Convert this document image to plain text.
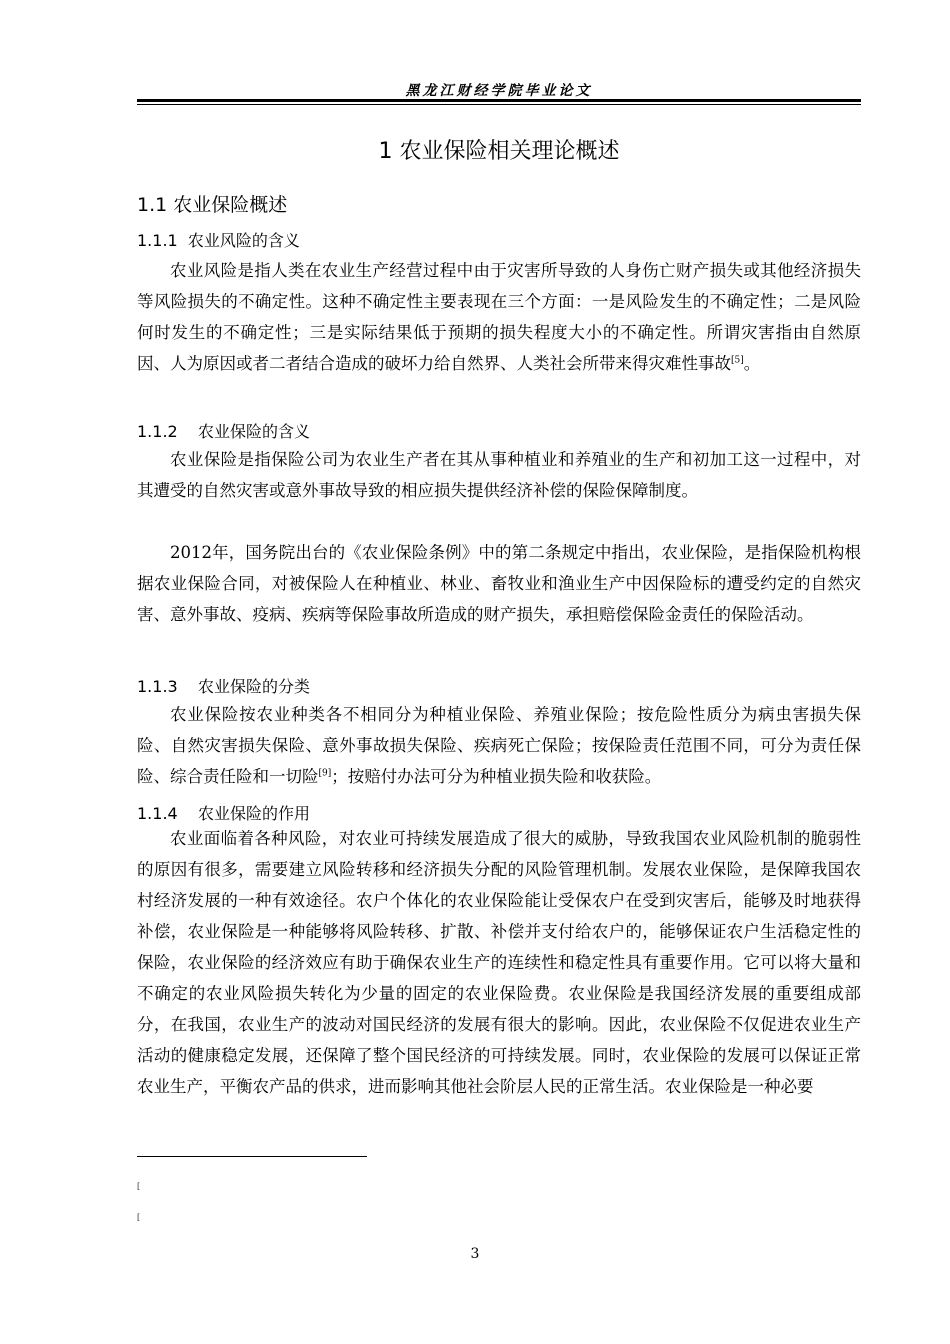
黑龙江财经学院毕业论文
1 农业保险相关理论概述
1.1 农业保险概述
1.1.1  农业风险的含义

农业风险是指人类在农业生产经营过程中由于灾害所导致的人身伤亡财产损失或其他经济损失等风险损失的不确定性。这种不确定性主要表现在三个方面：一是风险发生的不确定性；二是风险何时发生的不确定性；三是实际结果低于预期的损失程度大小的不确定性。所谓灾害指由自然原因、人为原因或者二者结合造成的破坏力给自然界、人类社会所带来得灾难性事故[5]。

1.1.2    农业保险的含义

农业保险是指保险公司为农业生产者在其从事种植业和养殖业的生产和初加工这一过程中，对其遭受的自然灾害或意外事故导致的相应损失提供经济补偿的保险保障制度。

2012年，国务院出台的《农业保险条例》中的第二条规定中指出，农业保险，是指保险机构根据农业保险合同，对被保险人在种植业、林业、畜牧业和渔业生产中因保险标的遭受约定的自然灾害、意外事故、疫病、疾病等保险事故所造成的财产损失，承担赔偿保险金责任的保险活动。

1.1.3    农业保险的分类

农业保险按农业种类各不相同分为种植业保险、养殖业保险；按危险性质分为病虫害损失保险、自然灾害损失保险、意外事故损失保险、疾病死亡保险；按保险责任范围不同，可分为责任保险、综合责任险和一切险[9]；按赔付办法可分为种植业损失险和收获险。

1.1.4    农业保险的作用

农业面临着各种风险，对农业可持续发展造成了很大的威胁，导致我国农业风险机制的脆弱性的原因有很多，需要建立风险转移和经济损失分配的风险管理机制。发展农业保险，是保障我国农村经济发展的一种有效途径。农户个体化的农业保险能让受保农户在受到灾害后，能够及时地获得补偿，农业保险是一种能够将风险转移、扩散、补偿并支付给农户的，能够保证农户生活稳定性的保险，农业保险的经济效应有助于确保农业生产的连续性和稳定性具有重要作用。它可以将大量和不确定的农业风险损失转化为少量的固定的农业保险费。农业保险是我国经济发展的重要组成部分，在我国，农业生产的波动对国民经济的发展有很大的影响。因此，农业保险不仅促进农业生产活动的健康稳定发展，还保障了整个国民经济的可持续发展。同时，农业保险的发展可以保证正常农业生产，平衡农产品的供求，进而影响其他社会阶层人民的正常生活。农业保险是一种必要

[
[
3
